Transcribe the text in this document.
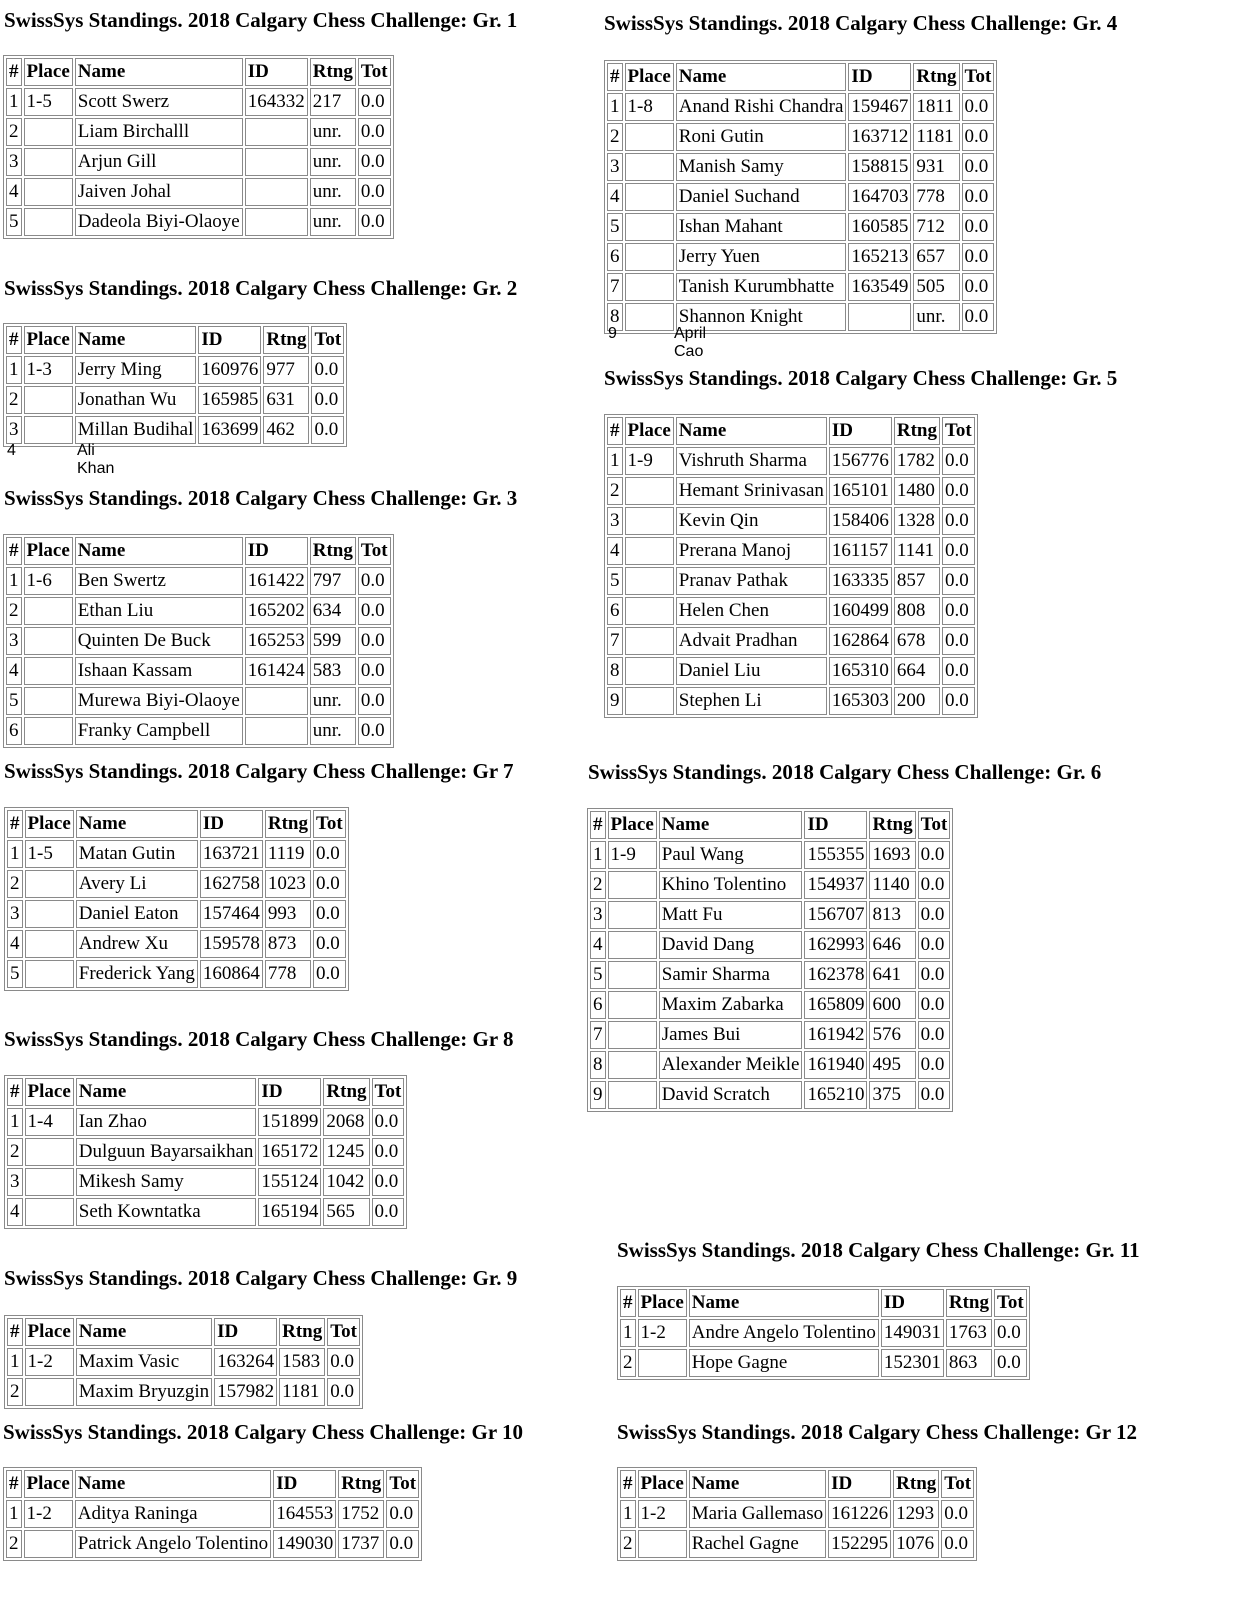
SwissSys Standings. 2018 Calgary Chess Challenge: Gr. 1
#	Place	Name	ID	Rtng	Tot
1	1-5	Scott Swerz	164332	217	0.0
2		Liam Birchalll		unr.	0.0
3		Arjun Gill		unr.	0.0
4		Jaiven Johal		unr.	0.0
5		Dadeola Biyi-Olaoye		unr.	0.0
SwissSys Standings. 2018 Calgary Chess Challenge: Gr. 2
#	Place	Name	ID	Rtng	Tot
1	1-3	Jerry Ming	160976	977	0.0
2		Jonathan Wu	165985	631	0.0
3		Millan Budihal	163699	462	0.0
4	Ali Khan
SwissSys Standings. 2018 Calgary Chess Challenge: Gr. 3
#	Place	Name	ID	Rtng	Tot
1	1-6	Ben Swertz	161422	797	0.0
2		Ethan Liu	165202	634	0.0
3		Quinten De Buck	165253	599	0.0
4		Ishaan Kassam	161424	583	0.0
5		Murewa Biyi-Olaoye		unr.	0.0
6		Franky Campbell		unr.	0.0
SwissSys Standings. 2018 Calgary Chess Challenge: Gr. 4
#	Place	Name	ID	Rtng	Tot
1	1-8	Anand Rishi Chandra	159467	1811	0.0
2		Roni Gutin	163712	1181	0.0
3		Manish Samy	158815	931	0.0
4		Daniel Suchand	164703	778	0.0
5		Ishan Mahant	160585	712	0.0
6		Jerry Yuen	165213	657	0.0
7		Tanish Kurumbhatte	163549	505	0.0
8		Shannon Knight		unr.	0.0
9	April Cao
SwissSys Standings. 2018 Calgary Chess Challenge: Gr. 5
#	Place	Name	ID	Rtng	Tot
1	1-9	Vishruth Sharma	156776	1782	0.0
2		Hemant Srinivasan	165101	1480	0.0
3		Kevin Qin	158406	1328	0.0
4		Prerana Manoj	161157	1141	0.0
5		Pranav Pathak	163335	857	0.0
6		Helen Chen	160499	808	0.0
7		Advait Pradhan	162864	678	0.0
8		Daniel Liu	165310	664	0.0
9		Stephen Li	165303	200	0.0
SwissSys Standings. 2018 Calgary Chess Challenge: Gr 7
#	Place	Name	ID	Rtng	Tot
1	1-5	Matan Gutin	163721	1119	0.0
2		Avery Li	162758	1023	0.0
3		Daniel Eaton	157464	993	0.0
4		Andrew Xu	159578	873	0.0
5		Frederick Yang	160864	778	0.0
SwissSys Standings. 2018 Calgary Chess Challenge: Gr. 6
#	Place	Name	ID	Rtng	Tot
1	1-9	Paul Wang	155355	1693	0.0
2		Khino Tolentino	154937	1140	0.0
3		Matt Fu	156707	813	0.0
4		David Dang	162993	646	0.0
5		Samir Sharma	162378	641	0.0
6		Maxim Zabarka	165809	600	0.0
7		James Bui	161942	576	0.0
8		Alexander Meikle	161940	495	0.0
9		David Scratch	165210	375	0.0
SwissSys Standings. 2018 Calgary Chess Challenge: Gr 8
#	Place	Name	ID	Rtng	Tot
1	1-4	Ian Zhao	151899	2068	0.0
2		Dulguun Bayarsaikhan	165172	1245	0.0
3		Mikesh Samy	155124	1042	0.0
4		Seth Kowntatka	165194	565	0.0
SwissSys Standings. 2018 Calgary Chess Challenge: Gr. 11
#	Place	Name	ID	Rtng	Tot
1	1-2	Andre Angelo Tolentino	149031	1763	0.0
2		Hope Gagne	152301	863	0.0
SwissSys Standings. 2018 Calgary Chess Challenge: Gr. 9
#	Place	Name	ID	Rtng	Tot
1	1-2	Maxim Vasic	163264	1583	0.0
2		Maxim Bryuzgin	157982	1181	0.0
SwissSys Standings. 2018 Calgary Chess Challenge: Gr 10
#	Place	Name	ID	Rtng	Tot
1	1-2	Aditya Raninga	164553	1752	0.0
2		Patrick Angelo Tolentino	149030	1737	0.0
SwissSys Standings. 2018 Calgary Chess Challenge: Gr 12
#	Place	Name	ID	Rtng	Tot
1	1-2	Maria Gallemaso	161226	1293	0.0
2		Rachel Gagne	152295	1076	0.0
